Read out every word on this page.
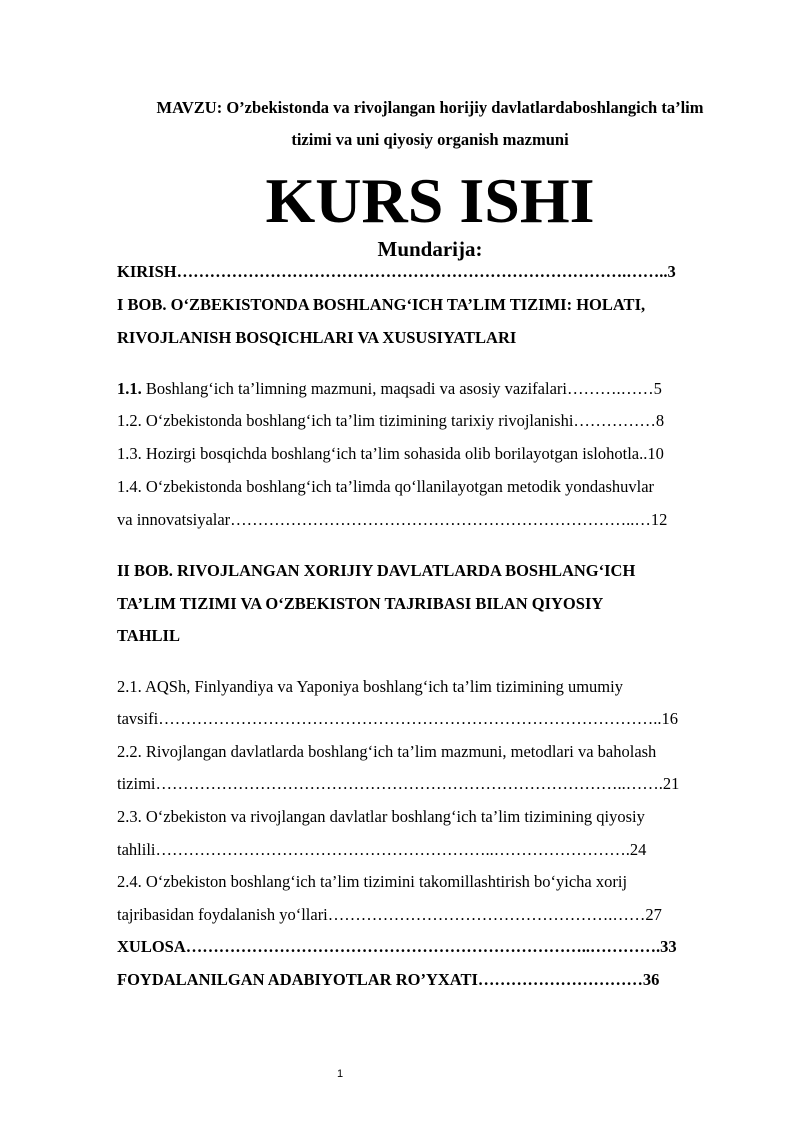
MAVZU: O’zbekistonda va rivojlangan horijiy davlatlardaboshlangich ta’lim
tizimi va uni qiyosiy organish mazmuni
KURS ISHI
Mundarija:
KIRISH……………………………………………………………………….……..3
I BOB. O‘ZBEKISTONDA BOSHLANG‘ICH TA’LIM TIZIMI: HOLATI,
RIVOJLANISH BOSQICHLARI VA XUSUSIYATLARI
1.1. Boshlang‘ich ta’limning mazmuni, maqsadi va asosiy vazifalari……….……5
1.2. O‘zbekistonda boshlang‘ich ta’lim tizimining tarixiy rivojlanishi……………8
1.3. Hozirgi bosqichda boshlang‘ich ta’lim sohasida olib borilayotgan islohotla..10
1.4. O‘zbekistonda boshlang‘ich ta’limda qo‘llanilayotgan metodik yondashuvlar
va innovatsiyalar………………………………………………………………..…12
II BOB. RIVOJLANGAN XORIJIY DAVLATLARDA BOSHLANG‘ICH
TA’LIM TIZIMI VA O‘ZBEKISTON TAJRIBASI BILAN QIYOSIY
TAHLIL
2.1. AQSh, Finlyandiya va Yaponiya boshlang‘ich ta’lim tizimining umumiy
tavsifi………………………………………………………………………………..16
2.2. Rivojlangan davlatlarda boshlang‘ich ta’lim mazmuni, metodlari va baholash
tizimi…………………………………………………………………………..…….21
2.3. O‘zbekiston va rivojlangan davlatlar boshlang‘ich ta’lim tizimining qiyosiy
tahlili……………………………………………………..…………………….24
2.4. O‘zbekiston boshlang‘ich ta’lim tizimini takomillashtirish bo‘yicha xorij
tajribasidan foydalanish yo‘llari…………………………………………….……27
XULOSA………………………………………………………………..………….33
FOYDALANILGAN ADABIYOTLAR RO’YXATI…………………………36
1
